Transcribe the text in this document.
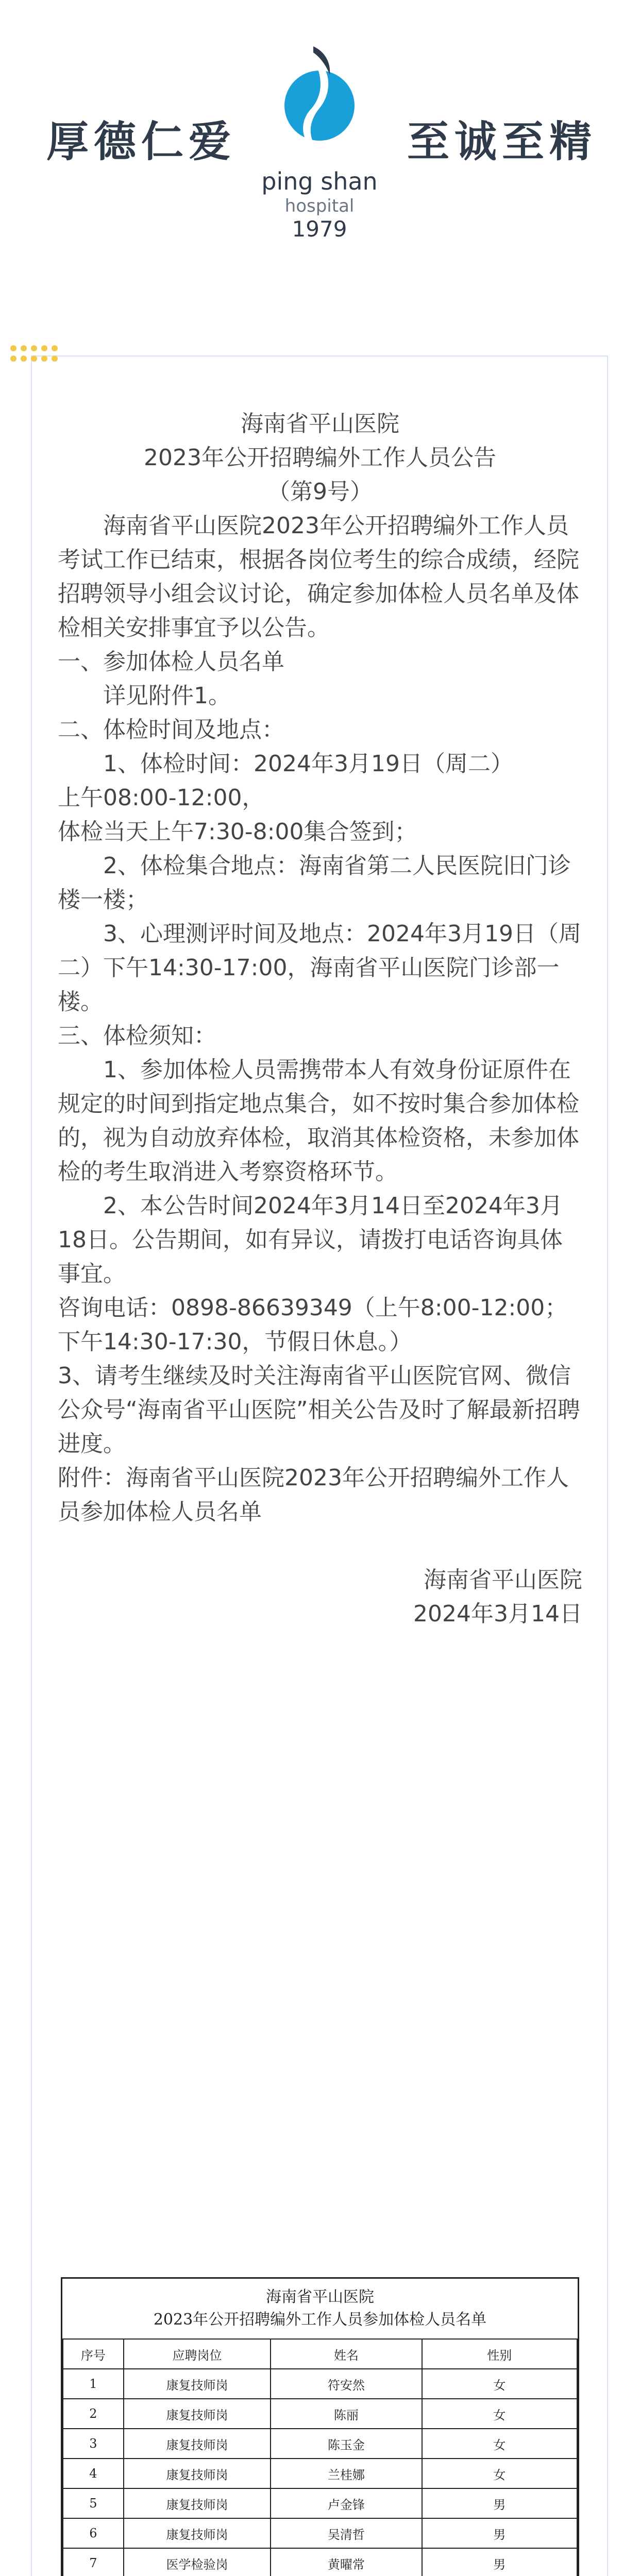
厚德仁爱
ping shan
hospital
1979
至诚至精
海南省平山医院
2023年公开招聘编外工作人员公告
（第9号）
海南省平山医院2023年公开招聘编外工作人员考试工作已结束，根据各岗位考生的综合成绩，经院招聘领导小组会议讨论，确定参加体检人员名单及体检相关安排事宜予以公告。
一、参加体检人员名单
详见附件1。
二、体检时间及地点：
1、体检时间：2024年3月19日（周二）
上午08:00-12:00，
体检当天上午7:30-8:00集合签到；
2、体检集合地点：海南省第二人民医院旧门诊楼一楼；
3、心理测评时间及地点：2024年3月19日（周二）下午14:30-17:00，海南省平山医院门诊部一楼。
三、体检须知：
1、参加体检人员需携带本人有效身份证原件在规定的时间到指定地点集合，如不按时集合参加体检的，视为自动放弃体检，取消其体检资格，未参加体检的考生取消进入考察资格环节。
2、本公告时间2024年3月14日至2024年3月18日。公告期间，如有异议，请拨打电话咨询具体事宜。
咨询电话：0898-86639349（上午8:00-12:00；下午14:30-17:30，节假日休息。）
3、请考生继续及时关注海南省平山医院官网、微信公众号“海南省平山医院”相关公告及时了解最新招聘进度。
附件：海南省平山医院2023年公开招聘编外工作人员参加体检人员名单
海南省平山医院
2024年3月14日
海南省平山医院
2023年公开招聘编外工作人员参加体检人员名单
序号	应聘岗位	姓名	性别
1	康复技师岗	符安然	女
2	康复技师岗	陈丽	女
3	康复技师岗	陈玉金	女
4	康复技师岗	兰桂娜	女
5	康复技师岗	卢金锋	男
6	康复技师岗	吴清哲	男
7	医学检验岗	黄曜常	男
